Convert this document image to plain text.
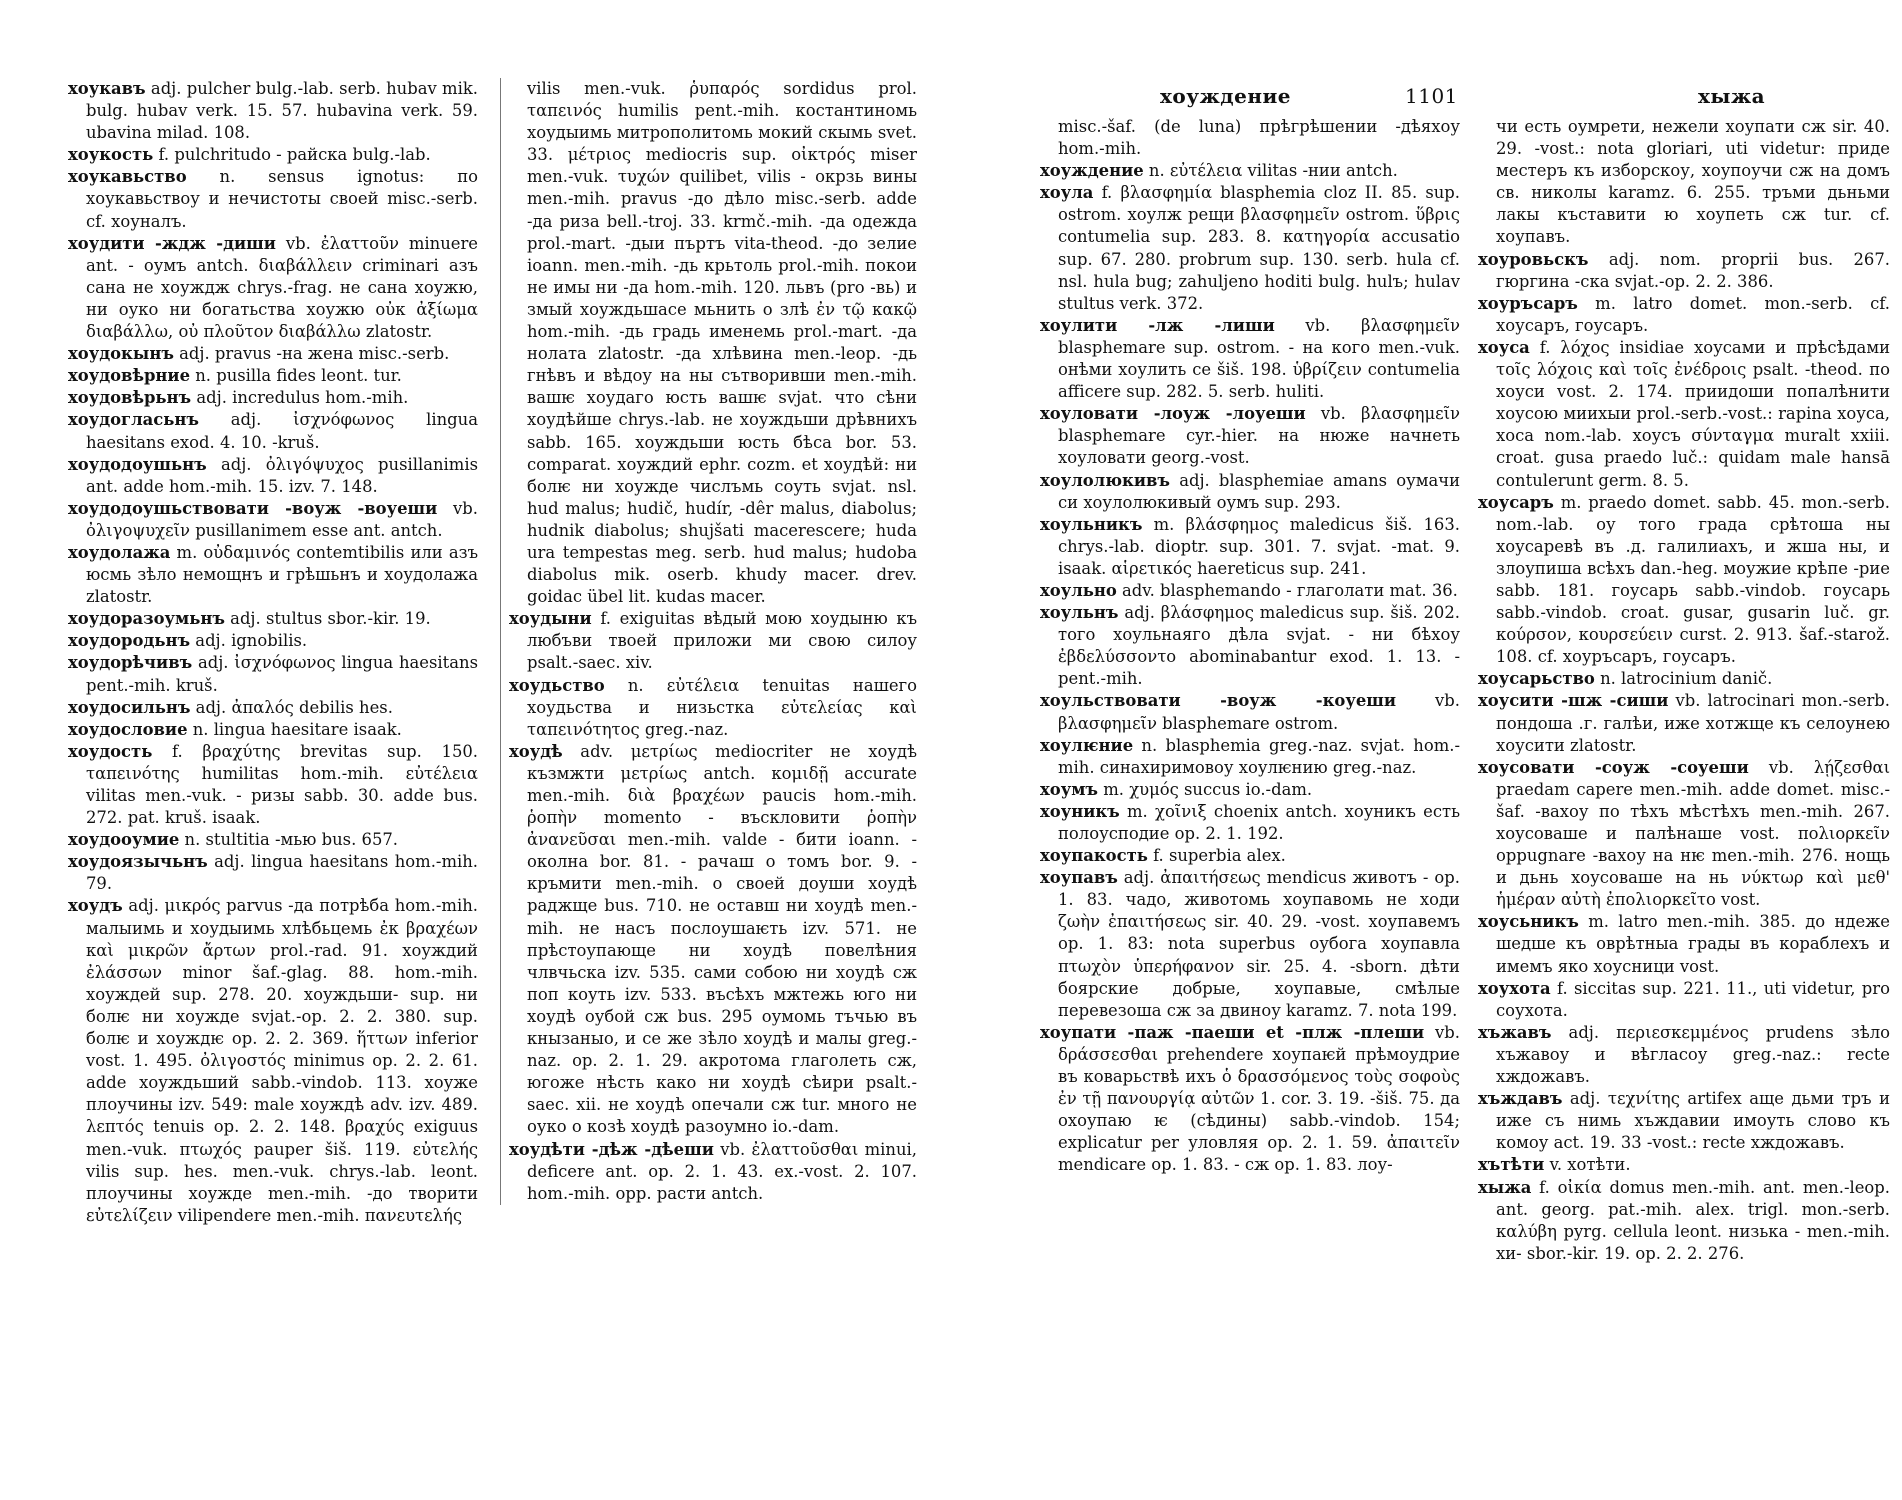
хоукавъ adj. pulcher bulg.-lab. serb. hubav mik. bulg. hubav verk. 15. 57. hubavina verk. 59. ubavina milad. 108.

хоукость f. pulchritudo - райска bulg.-lab.

хоукавьство n. sensus ignotus: по хоукавьствоу и нечистоты своей misc.-serb. cf. хоуналъ.

хоудити -ждж -диши vb. ἐλαττοῦν minuere ant. - оумъ antch. διαβάλλειν criminari азъ сана не хоуждж chrys.-frag. не сана хоужю, ни оуко ни богатьства хоужю οὐκ ἀξίωμα διαβάλλω, οὐ πλοῦτον διαβάλλω zlatostr.

хоудокынъ adj. pravus -на жена misc.-serb.

хоудовѣрние n. pusilla fides leont. tur.

хоудовѣрьнъ adj. incredulus hom.-mih.

хоудогласьнъ adj. ἰσχνόφωνος lingua haesitans exod. 4. 10. -kruš.

хоудодоушьнъ adj. ὀλιγόψυχος pusillanimis ant. adde hom.-mih. 15. izv. 7. 148.

хоудодоушьствовати -воуж -воуеши vb. ὀλιγοψυχεῖν pusillanimem esse ant. antch.

хоудолажа m. οὐδαμινός contemtibilis или азъ юсмь зѣло немощнъ и грѣшьнъ и хоудолажа zlatostr.

хоудоразоумьнъ adj. stultus sbor.-kir. 19.

хоудородьнъ adj. ignobilis.

хоудорѣчивъ adj. ἰσχνόφωνος lingua haesitans pent.-mih. kruš.

хоудосильнъ adj. ἀπαλός debilis hes.

хоудословие n. lingua haesitare isaak.

хоудость f. βραχύτης brevitas sup. 150. ταπεινότης humilitas hom.-mih. εὐτέλεια vilitas men.-vuk. - ризы sabb. 30. adde bus. 272. pat. kruš. isaak.

хоудооумие n. stultitia -мью bus. 657.

хоудоязычьнъ adj. lingua haesitans hom.-mih. 79.

хоудъ adj. μικρός parvus -да потрѣба hom.-mih. малыимь и хоудыимь хлѣбьцемь ἐκ βραχέων καὶ μικρῶν ἄρτων prol.-rad. 91. хоуждий ἐλάσσων minor šaf.-glag. 88. hom.-mih. хоуждей sup. 278. 20. хоуждьши- sup. ни болѥ ни хоужде svjat.-op. 2. 2. 380. sup. болѥ и хоуждѥ op. 2. 2. 369. ἥττων inferior vost. 1. 495. ὀλιγοστός minimus op. 2. 2. 61. adde хоуждьший sabb.-vindob. 113. хоуже плоучины izv. 549: male хоуждѣ adv. izv. 489. λεπτός tenuis op. 2. 2. 148. βραχύς exiguus men.-vuk. πτωχός pauper šiš. 119. εὐτελής vilis sup. hes. men.-vuk. chrys.-lab. leont. плоучины хоужде men.-mih. -до творити εὐτελίζειν vilipendere men.-mih. πανευτελής

vilis men.-vuk. ῥυπαρός sordidus prol. ταπεινός humilis pent.-mih. костантиномь хоудыимь митрополитомь мокий скымь svet. 33. μέτριος mediocris sup. οἰκτρός miser men.-vuk. τυχών quilibet, vilis - окрзь вины men.-mih. pravus -до дѣло misc.-serb. adde -да риза bell.-troj. 33. krmč.-mih. -да одежда prol.-mart. -дыи пъртъ vita-theod. -до зелие ioann. men.-mih. -дь крьтоль prol.-mih. покои не имы ни -да hom.-mih. 120. львъ (pro -вь) и змый хоуждьшасе мьнить о злѣ ἐν τῷ κακῷ hom.-mih. -дь градь именемь prol.-mart. -да нолата zlatostr. -да хлѣвина men.-leop. -дь гнѣвъ и вѣдоу на ны сътворивши men.-mih. вашѥ хоудаго юсть вашѥ svjat. что сѣни хоудѣйше chrys.-lab. не хоуждьши дрѣвнихъ sabb. 165. хоуждьши юсть бѣса bor. 53. comparat. хоуждий ephr. cozm. et хоудѣй: ни болѥ ни хоужде числъмь соуть svjat. nsl. hud malus; hudič, hudír, -dêr malus, diabolus; hudnik diabolus; shujšati macerescere; huda ura tempestas meg. serb. hud malus; hudoba diabolus mik. oserb. khudy macer. drev. goidac übel lit. kudas macer.

хоудыни f. exiguitas вѣдый мою хоудыню къ любъви твоей приложи ми свою силоу psalt.-saec. xiv.

хоудьство n. εὐτέλεια tenuitas нашего хоудьства и низьстка εὐτελείας καὶ ταπεινότητος greg.-naz.

хоудѣ adv. μετρίως mediocriter не хоудѣ къзмжти μετρίως antch. κομιδῇ accurate men.-mih. διὰ βραχέων paucis hom.-mih. ῥοπὴν momento - въскловити ῥοπὴν ἀνανεῦσαι men.-mih. valde - бити ioann. - околна bor. 81. - рачаш о томъ bor. 9. - кръмити men.-mih. о своей доуши хоудѣ раджще bus. 710. не оставш ни хоудѣ men.-mih. не насъ послоушаѥть izv. 571. не прѣстоупающе ни хоудѣ повелѣния члвчьска izv. 535. сами собою ни хоудѣ сж поп коуть izv. 533. въсѣхъ мжтежь юго ни хоудѣ оубой сж bus. 295 оумомь тъчью въ кнызаныо, и се же зѣло хоудѣ и малы greg.-naz. op. 2. 1. 29. акротома глаголеть сж, югоже нѣсть како ни хоудѣ сѣири psalt.-saec. xii. не хоудѣ опечали сж tur. много не оуко о козѣ хоудѣ разоумно io.-dam.

хоудѣти -дѣж -дѣеши vb. ἐλαττοῦσθαι minui, deficere ant. op. 2. 1. 43. ex.-vost. 2. 107. hom.-mih. opp. расти antch.

хоуждение	1101	хыжа

misc.-šaf. (de luna) прѣгрѣшении -дѣяхоу hom.-mih.

хоуждение n. εὐτέλεια vilitas -нии antch.

хоула f. βλασφημία blasphemia cloz II. 85. sup. ostrom. хоулж рещи βλασφημεῖν ostrom. ὕβρις contumelia sup. 283. 8. κατηγορία accusatio sup. 67. 280. probrum sup. 130. serb. hula cf. nsl. hula bug; zahuljeno hoditi bulg. hulъ; hulav stultus verk. 372.

хоулити -лж -лиши vb. βλασφημεῖν blasphemare sup. ostrom. - на кого men.-vuk. онѣми хоулить се šiš. 198. ὑβρίζειν contumelia afficere sup. 282. 5. serb. huliti.

хоуловати -лоуж -лоуеши vb. βλασφημεῖν blasphemare cyr.-hier. на нюже начнеть хоуловати georg.-vost.

хоулолюкивъ adj. blasphemiae amans оумачи си хоулолюкивый оумъ sup. 293.

хоульникъ m. βλάσφημος maledicus šiš. 163. chrys.-lab. dioptr. sup. 301. 7. svjat. -mat. 9. isaak. αἱρετικός haereticus sup. 241.

хоульно adv. blasphemando - глаголати mat. 36.

хоульнъ adj. βλάσφημος maledicus sup. šiš. 202. того хоульнаяго дѣла svjat. - ни бѣхоу ἐβδελύσσοντο abominabantur exod. 1. 13. -pent.-mih.

хоульствовати -воуж -коуеши vb. βλασφημεῖν blasphemare ostrom.

хоулѥние n. blasphemia greg.-naz. svjat. hom.-mih. синахиримовоу хоулѥнию greg.-naz.

хоумъ m. χυμός succus io.-dam.

хоуникъ m. χοῖνιξ choenix antch. хоуникъ есть полоусподие op. 2. 1. 192.

хоупакость f. superbia alex.

хоупавъ adj. ἀπαιτήσεως mendicus животъ - op. 1. 83. чадо, животомь хоупавомь не ходи ζωὴν ἐπαιτήσεως sir. 40. 29. -vost. хоупавемъ op. 1. 83: nota superbus оубога хоупавла πτωχὸν ὑπερήφανον sir. 25. 4. -sborn. дѣти боярские добрые, хоупавые, смѣлые перевезоша сж за двиноу karamz. 7. nota 199.

хоупати -паж -паеши et -плж -плеши vb. δράσσεσθαι prehendere хоупаѥй прѣмоудрие въ коварьствѣ ихъ ὁ δρασσόμενος τοὺς σοφοὺς ἐν τῇ πανουργίᾳ αὐτῶν 1. cor. 3. 19. -šiš. 75. да охоупаю ѥ (сѣдины) sabb.-vindob. 154; explicatur per уловляя op. 2. 1. 59. ἀπαιτεῖν mendicare op. 1. 83. - сж op. 1. 83. лоу-

чи есть оумрети, нежели хоупати сж sir. 40. 29. -vost.: nota gloriari, uti videtur: приде местеръ къ изборскоу, хоупоучи сж на домъ св. николы karamz. 6. 255. тръми дьньми лакы къставити ю хоупеть сж tur. cf. хоупавъ.

хоуровьскъ adj. nom. proprii bus. 267. гюргина -ска svjat.-op. 2. 2. 386.

хоуръсаръ m. latro domet. mon.-serb. cf. хоусаръ, гоусаръ.

хоуса f. λόχος insidiae хоусами и прѣсѣдами τοῖς λόχοις καὶ τοῖς ἐνέδροις psalt. -theod. по хоуси vost. 2. 174. приидоши попалѣнити хоусою миихыи prol.-serb.-vost.: rapina хоуса, хоса nom.-lab. хоусъ σύνταγμα muralt xxiii. croat. gusa praedo luč.: quidam male hansā contulerunt germ. 8. 5.

хоусаръ m. praedo domet. sabb. 45. mon.-serb. nom.-lab. оу того града срѣтоша ны хоусаревѣ въ .д. галилиахъ, и жша ны, и злоупиша всѣхъ dan.-heg. моужие крѣпе -рие sabb. 181. гоусарь sabb.-vindob. гоусарь sabb.-vindob. croat. gusar, gusarin luč. gr. κούρσον, κουρσεύειν curst. 2. 913. šaf.-starož. 108. cf. хоуръсаръ, гоусаръ.

хоусарьство n. latrocinium danič.

хоусити -шж -сиши vb. latrocinari mon.-serb. пондоша .г. галѣи, иже хотжще къ селоунею хоусити zlatostr.

хоусовати -соуж -соуеши vb. λῄζεσθαι praedam capere men.-mih. adde domet. misc.-šaf. -вахоу по тѣхъ мѣстѣхъ men.-mih. 267. хоусоваше и палѣнаше vost. πολιορκεῖν oppugnare -вахоу на нѥ men.-mih. 276. нощь и дьнь хоусоваше на нь νύκτωρ καὶ μεθ' ἡμέραν αὐτὴ ἐπολιορκεῖτο vost.

хоусьникъ m. latro men.-mih. 385. до ндеже шедше къ оврѣтныа грады въ кораблехъ и имемъ яко хоусници vost.

хоухота f. siccitas sup. 221. 11., uti videtur, pro соухота.

хъжавъ adj. περιεσκεμμένος prudens зѣло хъжавоу и вѣгласоу greg.-naz.: recte хждожавъ.

хъждавъ adj. τεχνίτης artifex аще дьми тръ и иже съ нимь хъждавии имоуть слово къ комоу act. 19. 33 -vost.: recte хждожавъ.

хътѣти v. хотѣти.

хыжа f. οἰκία domus men.-mih. ant. men.-leop. ant. georg. pat.-mih. alex. trigl. mon.-serb. καλύβη pyrg. cellula leont. низька - men.-mih. хи- sbor.-kir. 19. op. 2. 2. 276.
